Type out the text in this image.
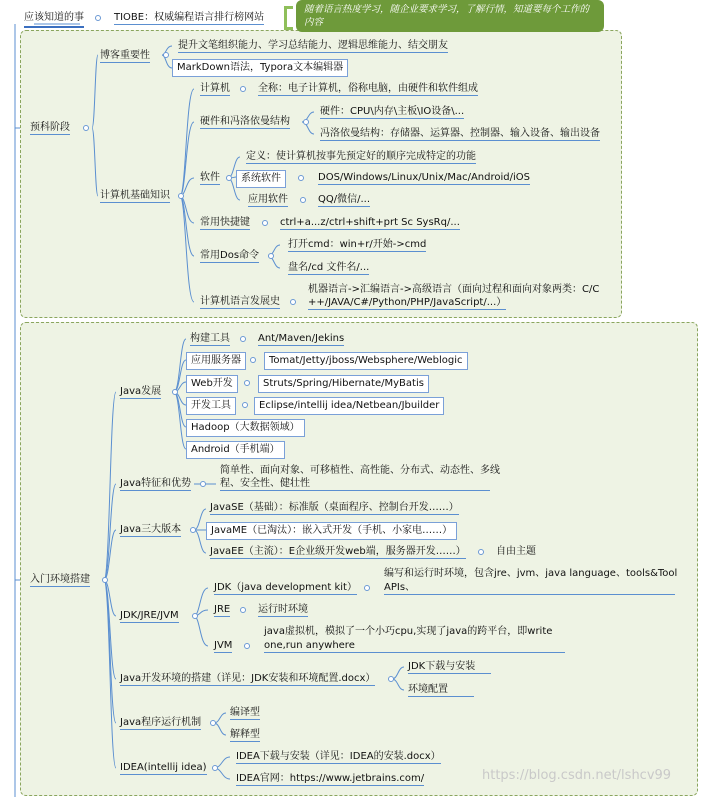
应该知道的事	TIOBE：权威编程语言排行榜网站
随着语言热度学习，随企业要求学习，了解行情，知道要每个工作的内容
预科阶段
博客重要性
提升文笔组织能力、学习总结能力、逻辑思维能力、结交朋友
MarkDown语法，Typora文本编辑器
计算机基础知识
计算机	全称：电子计算机，俗称电脑，由硬件和软件组成
硬件和冯洛依曼结构
硬件：CPU\内存\主板\IO设备\...
冯洛依曼结构：存储器、运算器、控制器、输入设备、输出设备
软件
定义：使计算机按事先预定好的顺序完成特定的功能
系统软件	DOS/Windows/Linux/Unix/Mac/Android/iOS
应用软件	QQ/微信/...
常用快捷键	ctrl+a...z/ctrl+shift+prt Sc SysRq/...
常用Dos命令
打开cmd：win+r/开始->cmd
盘名/cd 文件名/...
计算机语言发展史
机器语言->汇编语言->高级语言（面向过程和面向对象两类：C/C
++/JAVA/C#/Python/PHP/JavaScript/...）
入门环境搭建
Java发展
构建工具	Ant/Maven/Jekins
应用服务器	Tomat/Jetty/jboss/Websphere/Weblogic
Web开发	Struts/Spring/Hibernate/MyBatis
开发工具	Eclipse/intellij idea/Netbean/Jbuilder
Hadoop（大数据领域）
Android（手机端）
Java特征和优势
简单性、面向对象、可移植性、高性能、分布式、动态性、多线
程、安全性、健壮性
Java三大版本
JavaSE（基础）：标准版（桌面程序、控制台开发……）
JavaME（已淘汰）：嵌入式开发（手机、小家电……）
JavaEE（主流）：E企业级开发web端，服务器开发……）	自由主题
JDK/JRE/JVM
JDK（java development kit）
编写和运行时环境，包含jre、jvm、java language、tools&Tool
APIs、
JRE	运行时环境
JVM
java虚拟机，模拟了一个小巧cpu,实现了java的跨平台，即write
one,run anywhere
Java开发环境的搭建（详见：JDK安装和环境配置.docx）
JDK下载与安装
环境配置
Java程序运行机制
编译型
解释型
IDEA(intellij idea)
IDEA下载与安装（详见：IDEA的安装.docx）
IDEA官网：https://www.jetbrains.com/	https://blog.csdn.net/lshcv99
